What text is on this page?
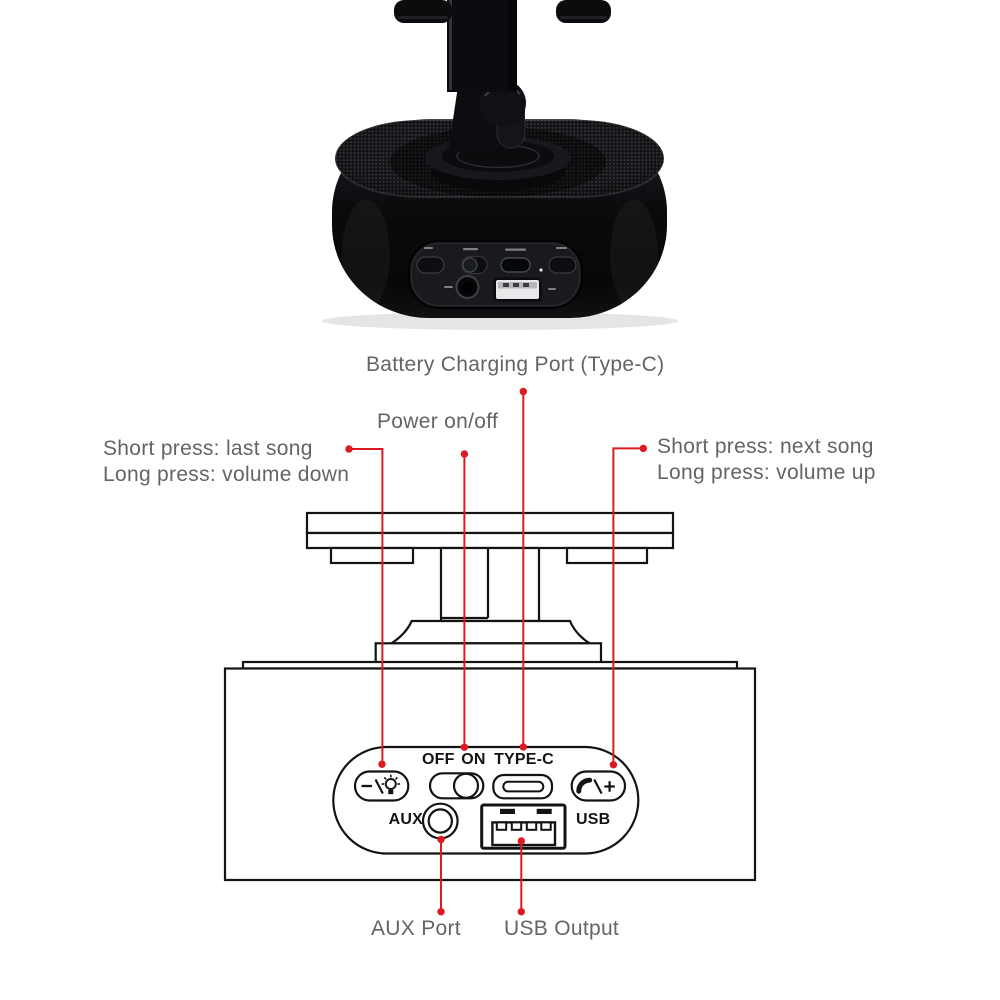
Battery Charging Port (Type-C)
Power on/off
Short press: last song
Long press: volume down
Short press: next song
Long press: volume up
AUX Port USB Output
OFF ON TYPE-C
AUX	USB
